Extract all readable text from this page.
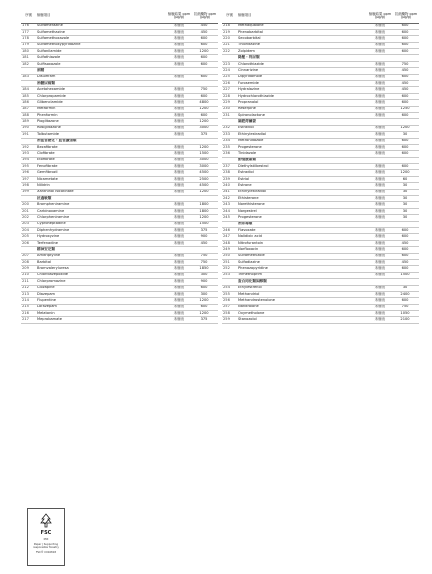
序號	檢驗項目	檢驗結果 ppm (μg/g)	抗菌藥物 ppm (μg/g)
176	Sulfamerazine	未檢出	450
177	Sulfamethazine	未檢出	450
178	Sulfamethoxazole	未檢出	600
179	Sulfamethoxypyridazine	未檢出	600
180	Sulfanilamide	未檢出	1200
181	Sulfathiazole	未檢出	600
182	Sulfisoxazole	未檢出	600
	酒精		
183	Disulfiram	未檢出	600
	治糖尿病類		
184	Acetohexamide	未檢出	750
185	Chlorpropamide	未檢出	600
186	Glibenclamide	未檢出	4800
187	Metformin	未檢出	1200
188	Phenformin	未檢出	600
189	Pioglitazone	未檢出	1200
190	Rosiglitazone	未檢出	3000
191	Tolbutamide	未檢出	375
	治血管硬化・血管擴張類		
192	Bezafibrate	未檢出	1200
193	Clofibrate	未檢出	1500
194	Etofibrate	未檢出	3000
195	Fenofibrate	未檢出	3000
196	Gemfibrozil	未檢出	4500
197	Nicametate	未檢出	2500
198	Nilidrin	未檢出	4500
199	Xanthinol Nicotinate	未檢出	1200
	抗過敏類		
200	Brompheniramine	未檢出	1800
201	Carbinoxamine	未檢出	1800
202	Chlorpheniramine	未檢出	1200
203	Cyproheptadine	未檢出	1500
204	Diphenhydramine	未檢出	375
205	Hydroxyzine	未檢出	900
206	Terfenadine	未檢出	450
	精神安定類		
207	Amitriptyline	未檢出	750
208	Barbital	未檢出	750
209	Bromvaleryluresa	未檢出	1850
210	Chlordiazepoxide	未檢出	300
211	Chlorpromazine	未檢出	900
212	Clozapine	未檢出	600
213	Diazepam	未檢出	300
214	Flupentine	未檢出	1200
215	Lorazepam	未檢出	600
216	Melatonin	未檢出	1200
217	Meprobamate	未檢出	375
序號	檢驗項目	檢驗結果 ppm (μg/g)	抗菌藥物 ppm (μg/g)
218	Methaqualone	未檢出	600
219	Phenobarbital	未檢出	600
220	Secobarbital	未檢出	600
221	Thioridazine	未檢出	600
222	Zolpidem	未檢出	600
	降壓・利尿類		
223	Chlorothiazide	未檢出	750
224	Cinnarizine	未檢出	450
225	Dipyridamole	未檢出	600
226	Furosemide	未檢出	450
227	Hydralazine	未檢出	450
228	Hydrochlorothiazide	未檢出	600
229	Propranolol	未檢出	600
230	Reserpine	未檢出	1250
231	Spironolactone	未檢出	600
	調經荷爾蒙		
232	Estradiol	未檢出	1200
233	Ethinylestradiol	未檢出	30
234	Metronidazole	未檢出	600
235	Progesterone	未檢出	600
236	Tinidazole	未檢出	600
	動情激素類		
237	Diethylstilbestrol	未檢出	600
238	Estradiol	未檢出	1200
239	Estriol	未檢出	60
240	Estrone	未檢出	30
241	Ethinylestradiol	未檢出	30
242	Ethisterone	未檢出	30
243	Norethisterone	未檢出	30
244	Norgestrel	未檢出	30
245	Progesterone	未檢出	30
	治尿毒類		
246	Flavoxate	未檢出	600
247	Nalidixic acid	未檢出	600
248	Nitrofurantoin	未檢出	450
249	Norfloxacin	未檢出	600
250	Sulfamethizole	未檢出	600
251	Sulfadiazine	未檢出	450
252	Phenazopyridine	未檢出	600
253	Trimethoprim	未檢出	1500
	蛋白同化類固醇類		
254	Ethylestrenol	未檢出	30
255	Methandriol	未檢出	2400
256	Methandrostenolone	未檢出	600
257	Nandrolone	未檢出	750
258	Oxymetholone	未檢出	1050
259	Stanozolol	未檢出	2100
FSC
MIX
Paper | Supporting responsible forestry
FSC® C016818
